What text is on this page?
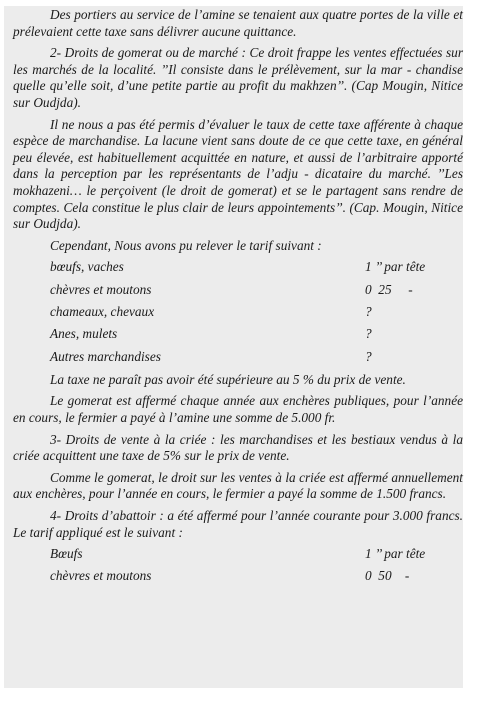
Des portiers au service de l’amine se tenaient aux quatre portes de la ville et prélevaient cette taxe sans délivrer aucune quittance.

2- Droits de gomerat ou de marché : Ce droit frappe les ventes effectuées sur les marchés de la localité. ’’Il consiste dans le prélèvement, sur la mar - chandise quelle qu’elle soit, d’une petite partie au profit du makhzen’’. (Cap Mougin, Nitice sur Oudjda).

Il ne nous a pas été permis d’évaluer le taux de cette taxe afférente à chaque espèce de marchandise. La lacune vient sans doute de ce que cette taxe, en général peu élevée, est habituellement acquittée en nature, et aussi de l’arbitraire apporté dans la perception par les représentants de l’adju - dicataire du marché. ’’Les mokhazeni… le perçoivent (le droit de gomerat) et se le partagent sans rendre de comptes. Cela constitue le plus clair de leurs appointements’’. (Cap. Mougin, Nitice sur Oudjda).

Cependant, Nous avons pu relever le tarif suivant :

bœufs, vaches	1 ’’ par tête
chèvres et moutons	0  25     -
chameaux, chevaux	?
Anes, mulets	?
Autres marchandises	?

La taxe ne paraît pas avoir été supérieure au 5 % du prix de vente.

Le gomerat est affermé chaque année aux enchères publiques, pour l’année en cours, le fermier a payé à l’amine une somme de 5.000 fr.

3- Droits de vente à la criée : les marchandises et les bestiaux vendus à la criée acquittent une taxe de 5% sur le prix de vente.

Comme le gomerat, le droit sur les ventes à la criée est affermé annuellement aux enchères, pour l’année en cours, le fermier a payé la somme de 1.500 francs.

4- Droits d’abattoir : a été affermé pour l’année courante pour 3.000 francs. Le tarif appliqué est le suivant :

Bœufs	1 ’’ par tête
chèvres et moutons	0  50    -
